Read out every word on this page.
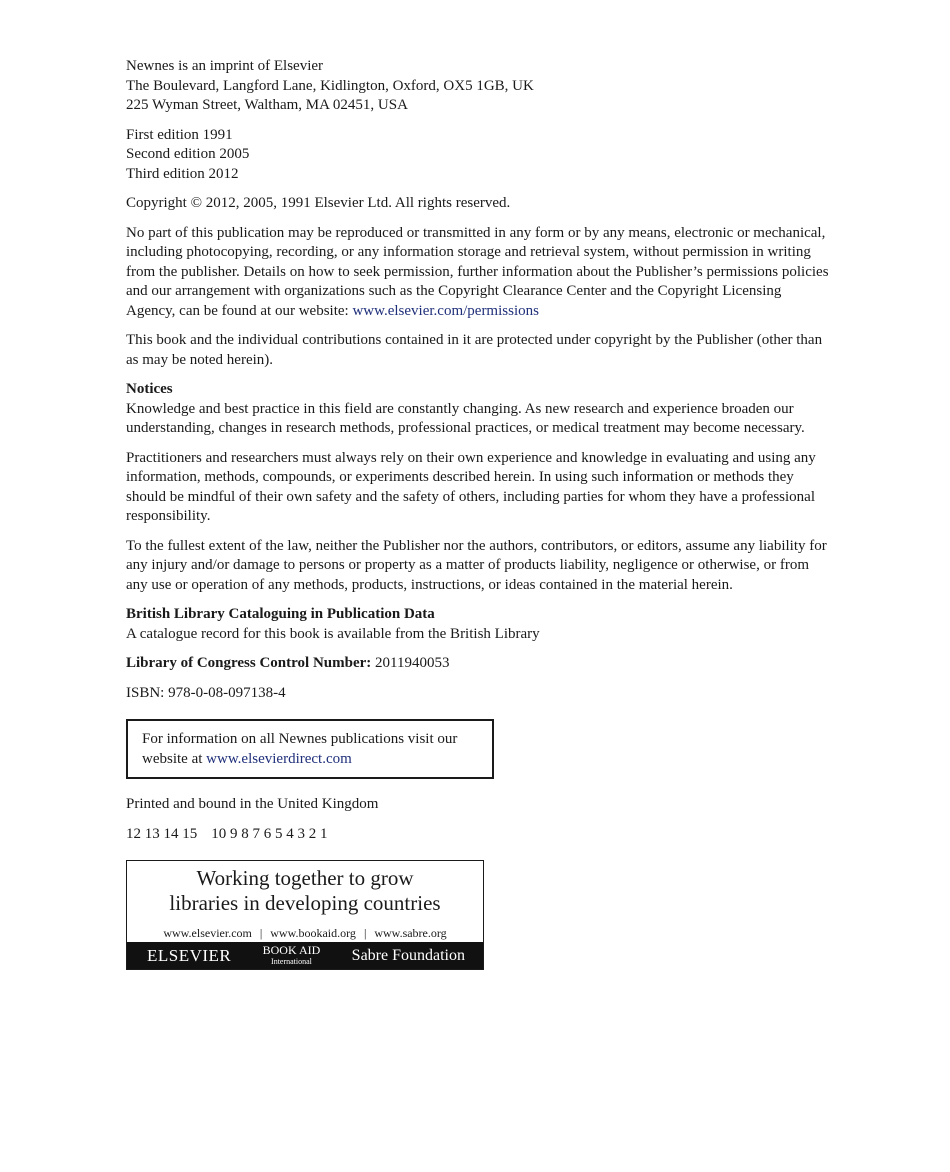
Newnes is an imprint of Elsevier
The Boulevard, Langford Lane, Kidlington, Oxford, OX5 1GB, UK
225 Wyman Street, Waltham, MA 02451, USA
First edition 1991
Second edition 2005
Third edition 2012

Copyright © 2012, 2005, 1991 Elsevier Ltd. All rights reserved.

No part of this publication may be reproduced or transmitted in any form or by any means, electronic or mechanical, including photocopying, recording, or any information storage and retrieval system, without permission in writing from the publisher. Details on how to seek permission, further information about the Publisher’s permissions policies and our arrangement with organizations such as the Copyright Clearance Center and the Copyright Licensing Agency, can be found at our website: www.elsevier.com/permissions

This book and the individual contributions contained in it are protected under copyright by the Publisher (other than as may be noted herein).

Notices
Knowledge and best practice in this field are constantly changing. As new research and experience broaden our understanding, changes in research methods, professional practices, or medical treatment may become necessary.

Practitioners and researchers must always rely on their own experience and knowledge in evaluating and using any information, methods, compounds, or experiments described herein. In using such information or methods they should be mindful of their own safety and the safety of others, including parties for whom they have a professional responsibility.

To the fullest extent of the law, neither the Publisher nor the authors, contributors, or editors, assume any liability for any injury and/or damage to persons or property as a matter of products liability, negligence or otherwise, or from any use or operation of any methods, products, instructions, or ideas contained in the material herein.

British Library Cataloguing in Publication Data
A catalogue record for this book is available from the British Library

Library of Congress Control Number: 2011940053

ISBN: 978-0-08-097138-4

For information on all Newnes publications visit our website at www.elsevierdirect.com

Printed and bound in the United Kingdom

12 13 14 15 10 9 8 7 6 5 4 3 2 1
Working together to grow
libraries in developing countries
www.elsevier.com | www.bookaid.org | www.sabre.org
ELSEVIER	BOOK AID
International	Sabre Foundation
